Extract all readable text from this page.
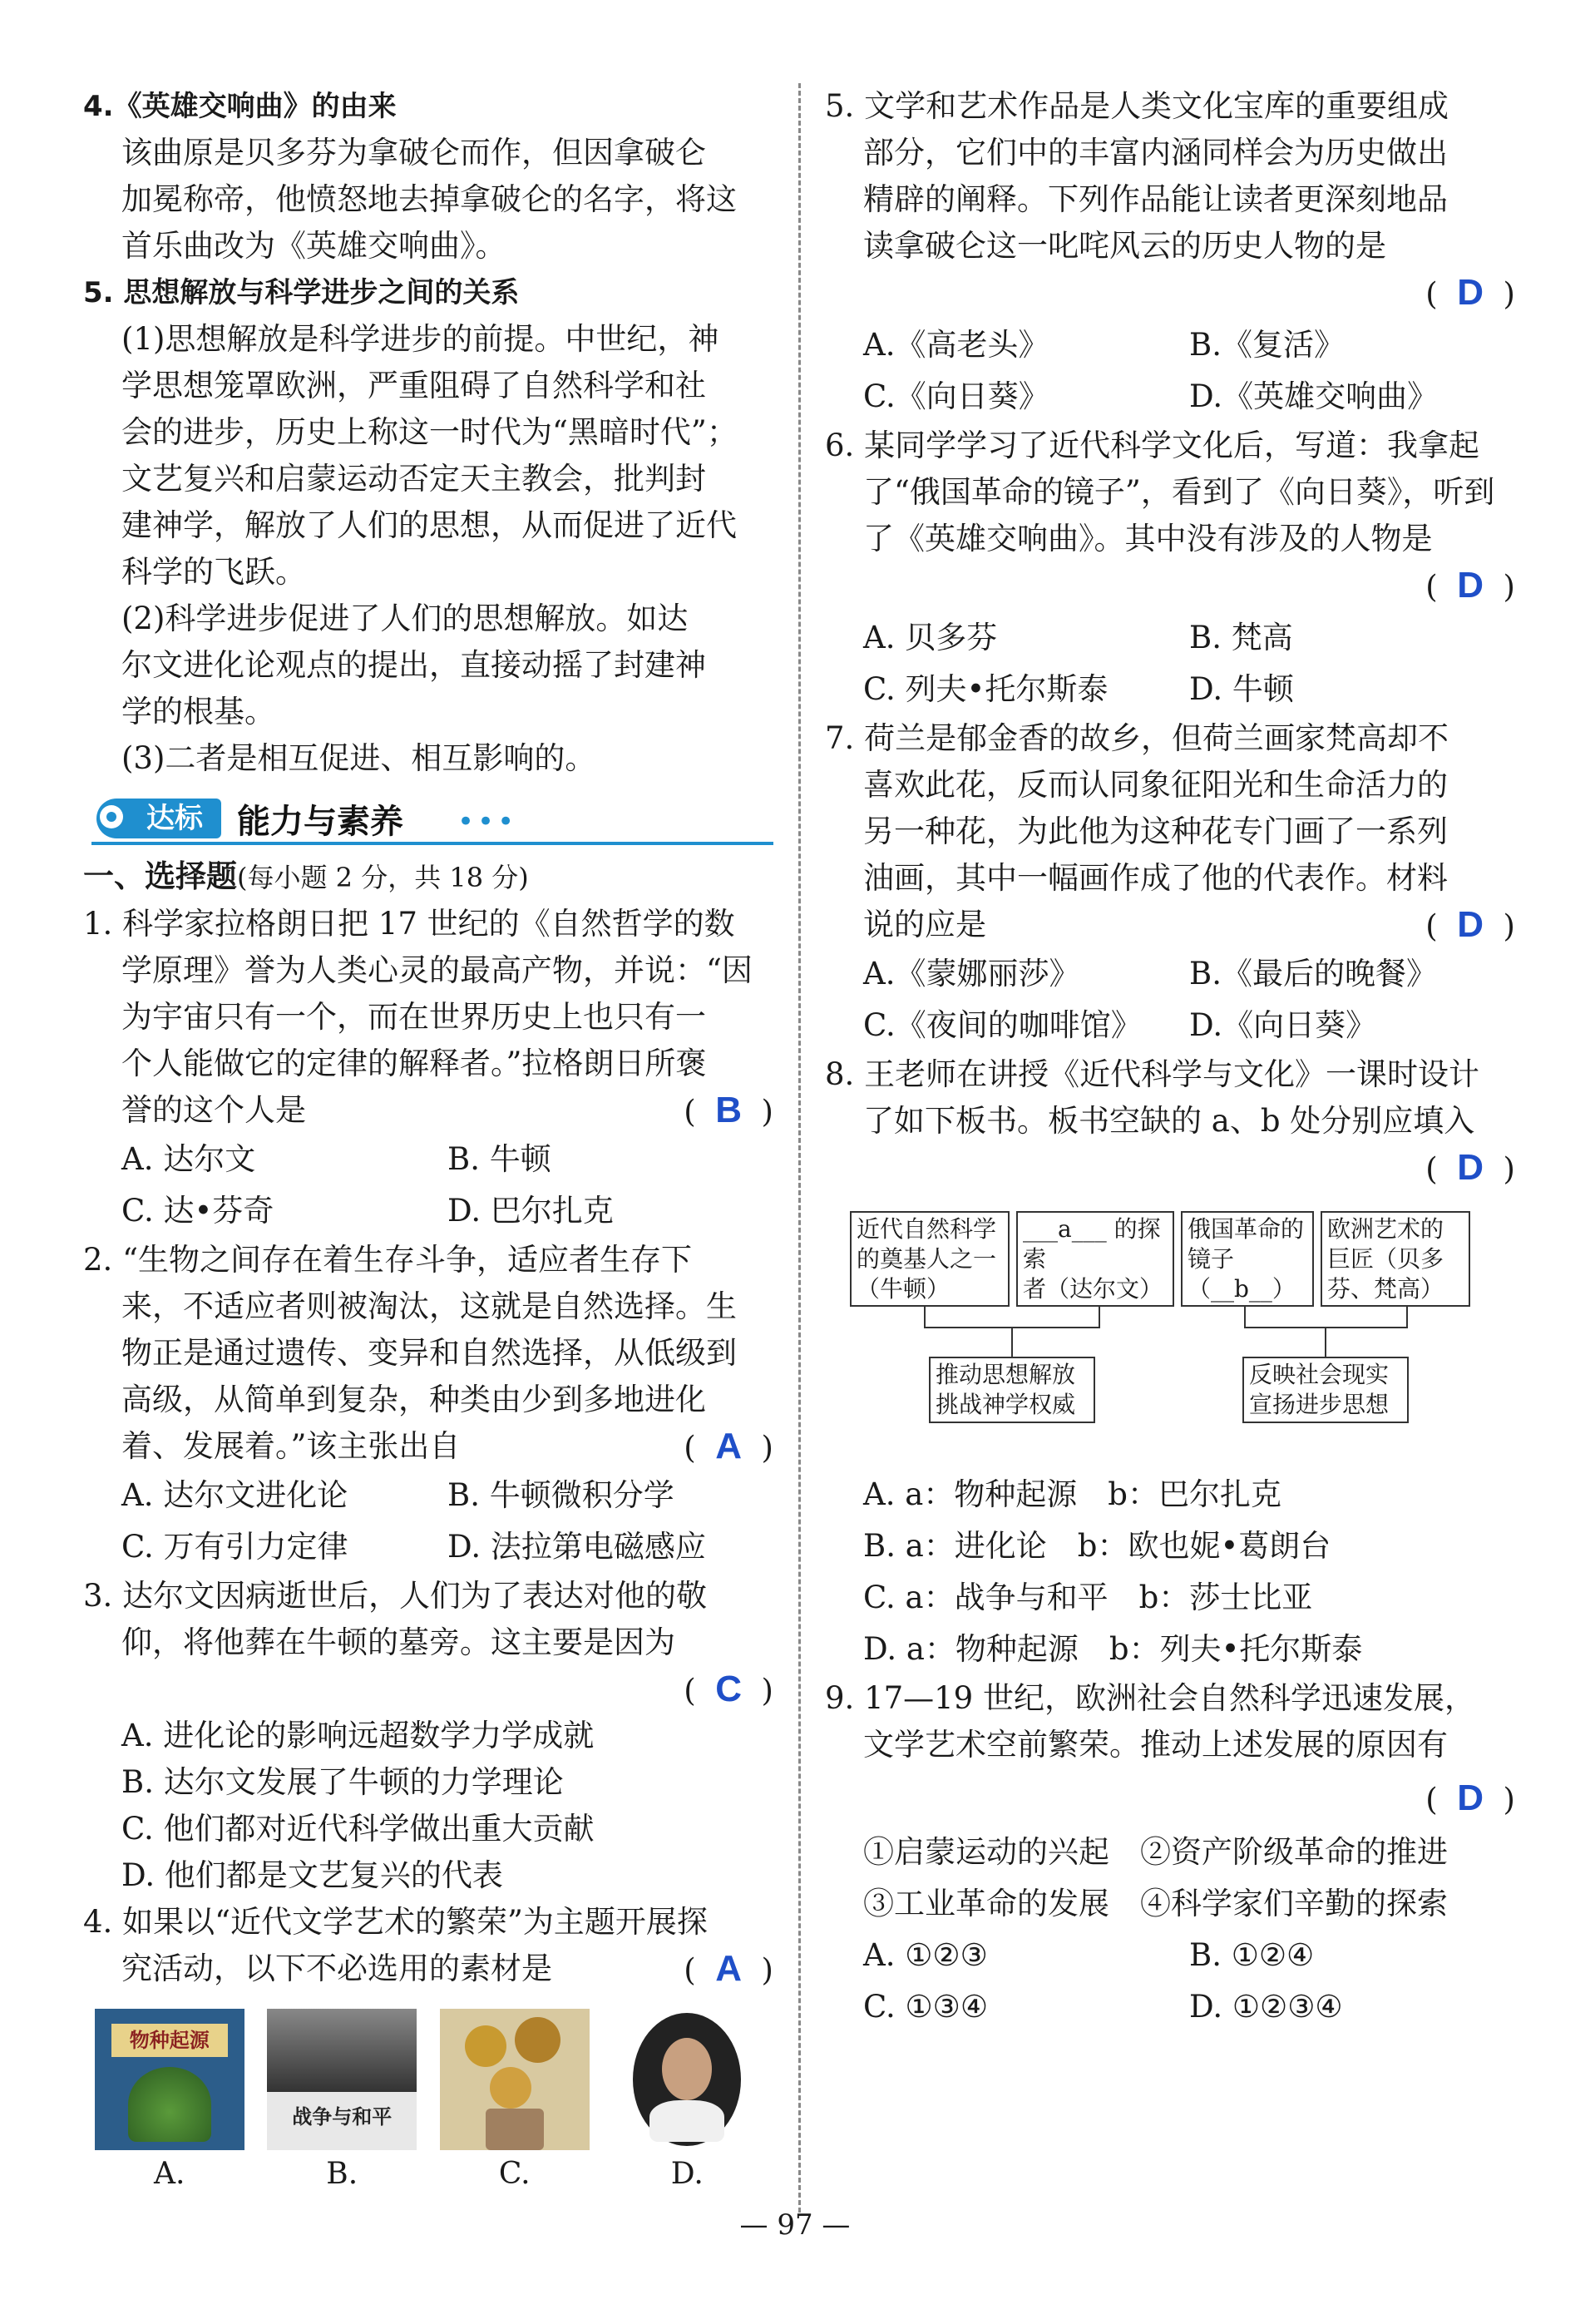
4.《英雄交响曲》的由来
该曲原是贝多芬为拿破仑而作，但因拿破仑
加冕称帝，他愤怒地去掉拿破仑的名字，将这
首乐曲改为《英雄交响曲》。
5. 思想解放与科学进步之间的关系
(1)思想解放是科学进步的前提。中世纪，神
学思想笼罩欧洲，严重阻碍了自然科学和社
会的进步，历史上称这一时代为“黑暗时代”；
文艺复兴和启蒙运动否定天主教会，批判封
建神学，解放了人们的思想，从而促进了近代
科学的飞跃。
(2)科学进步促进了人们的思想解放。如达
尔文进化论观点的提出，直接动摇了封建神
学的根基。
(3)二者是相互促进、相互影响的。
达标	能力与素养 •••
一、选择题(每小题 2 分，共 18 分)
1. 科学家拉格朗日把 17 世纪的《自然哲学的数
学原理》誉为人类心灵的最高产物，并说：“因
为宇宙只有一个，而在世界历史上也只有一
个人能做它的定律的解释者。”拉格朗日所褒
誉的这个人是	(  B  )
A. 达尔文	B. 牛顿
C. 达•芬奇	D. 巴尔扎克
2. “生物之间存在着生存斗争，适应者生存下
来，不适应者则被淘汰，这就是自然选择。生
物正是通过遗传、变异和自然选择，从低级到
高级，从简单到复杂，种类由少到多地进化
着、发展着。”该主张出自	(  A  )
A. 达尔文进化论	B. 牛顿微积分学
C. 万有引力定律	D. 法拉第电磁感应
3. 达尔文因病逝世后，人们为了表达对他的敬
仰，将他葬在牛顿的墓旁。这主要是因为
(  C  )
A. 进化论的影响远超数学力学成就
B. 达尔文发展了牛顿的力学理论
C. 他们都对近代科学做出重大贡献
D. 他们都是文艺复兴的代表
4. 如果以“近代文学艺术的繁荣”为主题开展探
究活动，以下不必选用的素材是	(  A  )
物种起源
A.
战争与和平
B.	C.	D.
5. 文学和艺术作品是人类文化宝库的重要组成
部分，它们中的丰富内涵同样会为历史做出
精辟的阐释。下列作品能让读者更深刻地品
读拿破仑这一叱咤风云的历史人物的是
(  D  )
A.《高老头》	B.《复活》
C.《向日葵》	D.《英雄交响曲》
6. 某同学学习了近代科学文化后，写道：我拿起
了“俄国革命的镜子”，看到了《向日葵》，听到
了《英雄交响曲》。其中没有涉及的人物是
(  D  )
A. 贝多芬	B. 梵高
C. 列夫•托尔斯泰	D. 牛顿
7. 荷兰是郁金香的故乡，但荷兰画家梵高却不
喜欢此花，反而认同象征阳光和生命活力的
另一种花，为此他为这种花专门画了一系列
油画，其中一幅画作成了他的代表作。材料
说的应是	(  D  )
A.《蒙娜丽莎》	B.《最后的晚餐》
C.《夜间的咖啡馆》	D.《向日葵》
8. 王老师在讲授《近代科学与文化》一课时设计
了如下板书。板书空缺的 a、b 处分别应填入
(  D  )
近代自然科学
的奠基人之一
（牛顿）
___a___ 的探索
者（达尔文）
俄国革命的
镜子（__b__）
欧洲艺术的
巨匠（贝多
芬、梵高）
推动思想解放
挑战神学权威
反映社会现实
宣扬进步思想
A. a：物种起源　b：巴尔扎克
B. a：进化论　b：欧也妮•葛朗台
C. a：战争与和平　b：莎士比亚
D. a：物种起源　b：列夫•托尔斯泰
9. 17—19 世纪，欧洲社会自然科学迅速发展，
文学艺术空前繁荣。推动上述发展的原因有
(  D  )
①启蒙运动的兴起　②资产阶级革命的推进
③工业革命的发展　④科学家们辛勤的探索
A. ①②③	B. ①②④
C. ①③④	D. ①②③④
— 97 —
